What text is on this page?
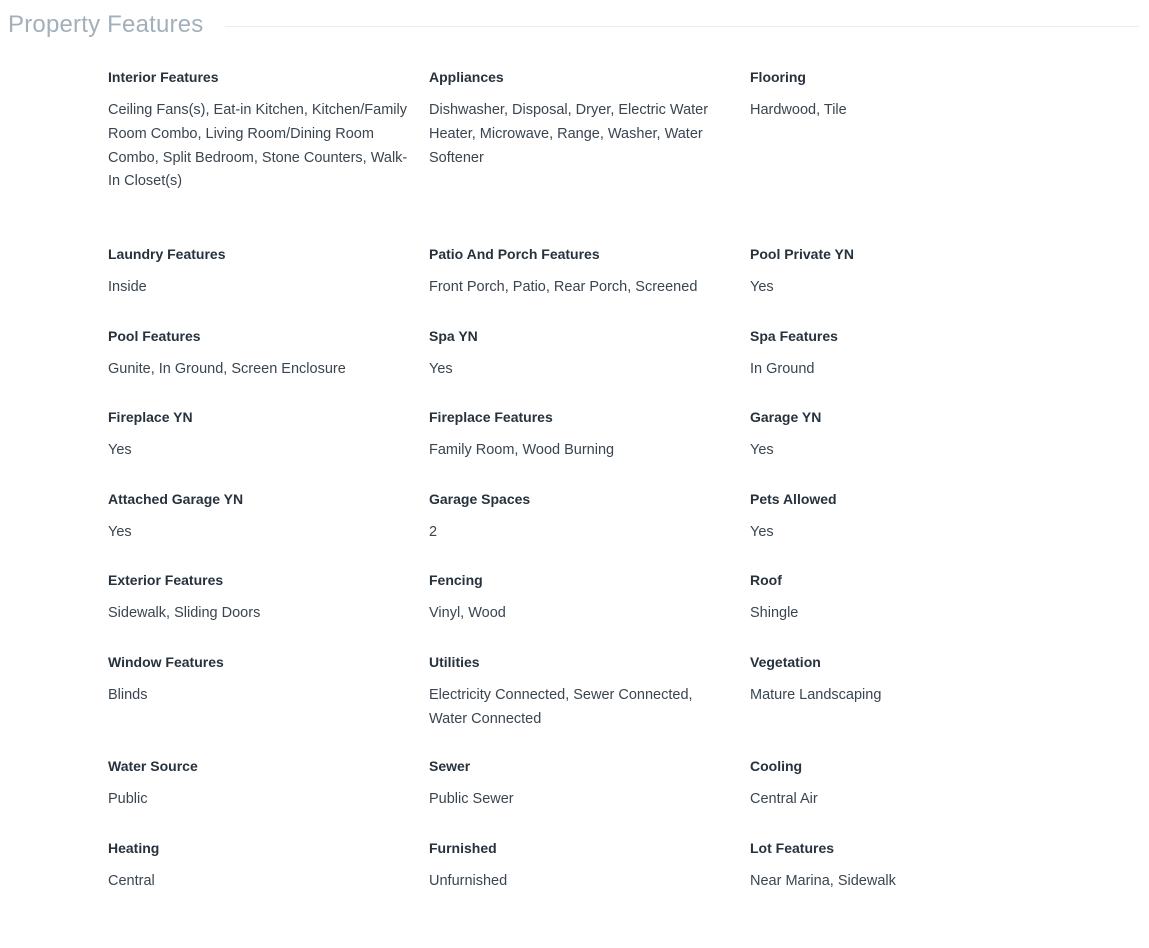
Property Features
Interior Features
Ceiling Fans(s), Eat-in Kitchen, Kitchen/Family Room Combo, Living Room/Dining Room Combo, Split Bedroom, Stone Counters, Walk-In Closet(s)
Appliances
Dishwasher, Disposal, Dryer, Electric Water Heater, Microwave, Range, Washer, Water Softener
Flooring
Hardwood, Tile
Laundry Features
Inside
Patio And Porch Features
Front Porch, Patio, Rear Porch, Screened
Pool Private YN
Yes
Pool Features
Gunite, In Ground, Screen Enclosure
Spa YN
Yes
Spa Features
In Ground
Fireplace YN
Yes
Fireplace Features
Family Room, Wood Burning
Garage YN
Yes
Attached Garage YN
Yes
Garage Spaces
2
Pets Allowed
Yes
Exterior Features
Sidewalk, Sliding Doors
Fencing
Vinyl, Wood
Roof
Shingle
Window Features
Blinds
Utilities
Electricity Connected, Sewer Connected, Water Connected
Vegetation
Mature Landscaping
Water Source
Public
Sewer
Public Sewer
Cooling
Central Air
Heating
Central
Furnished
Unfurnished
Lot Features
Near Marina, Sidewalk
